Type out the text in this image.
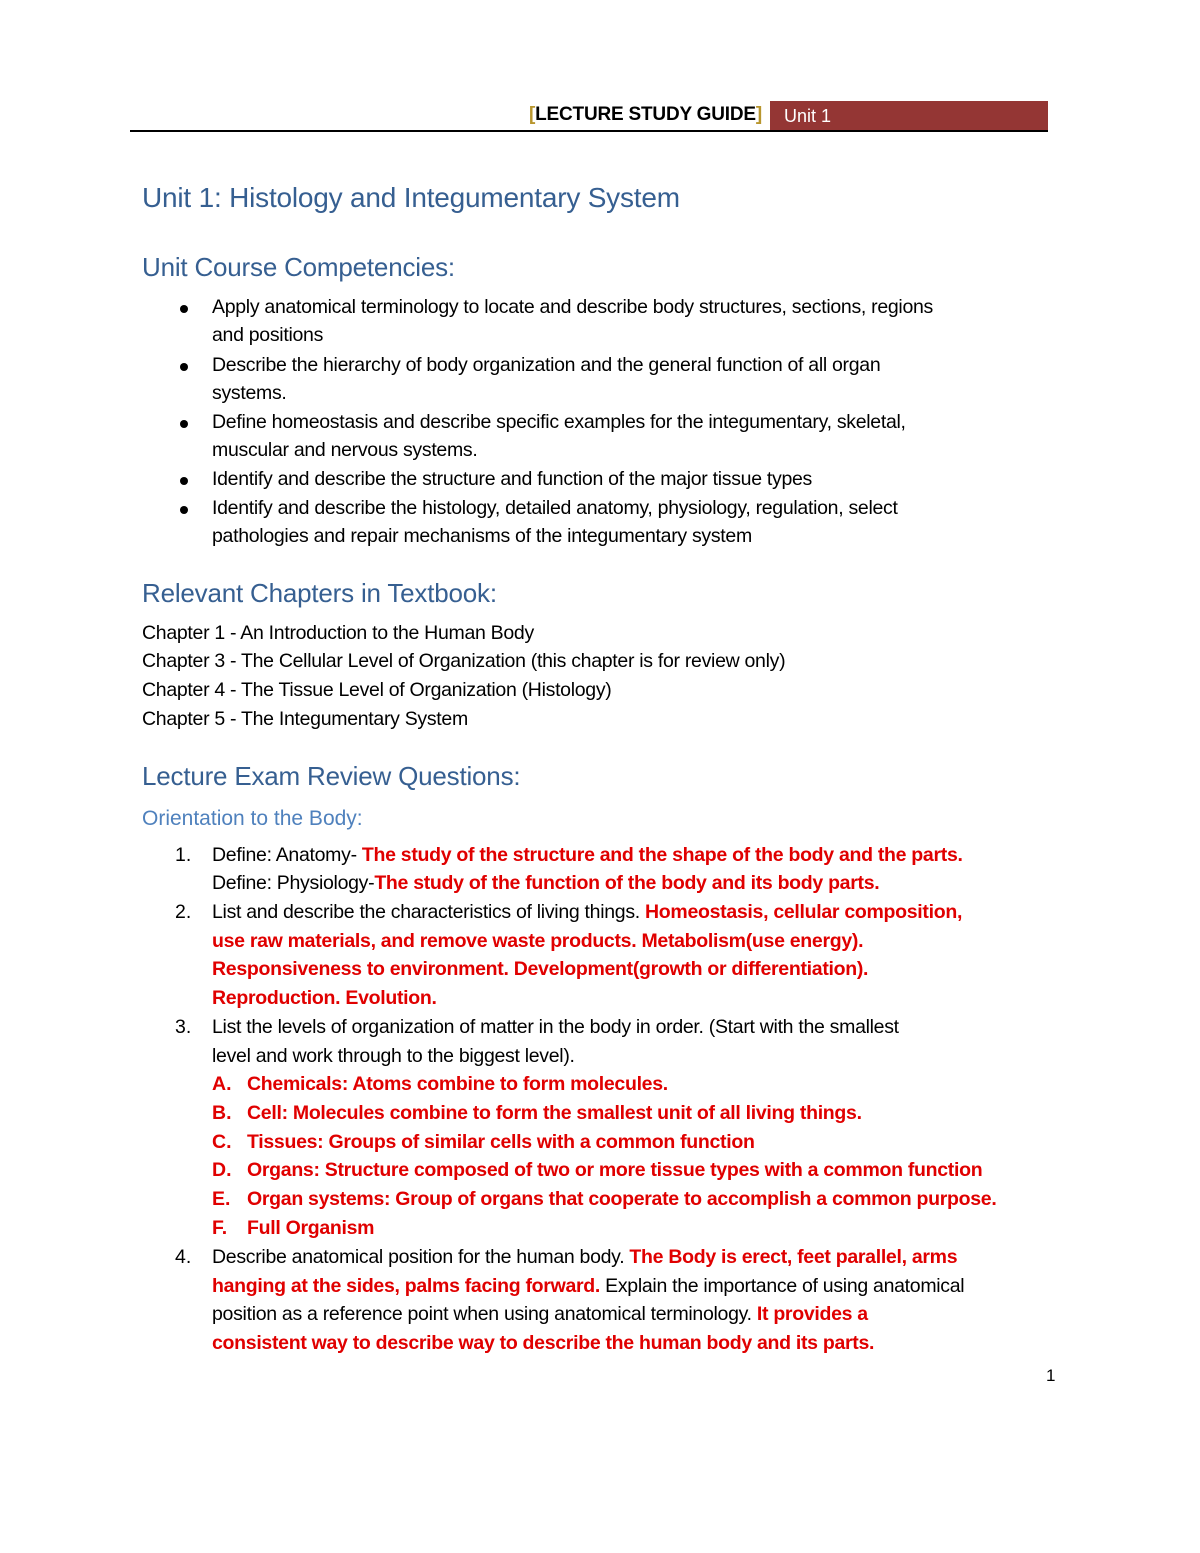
[LECTURE STUDY GUIDE] Unit 1
Unit 1: Histology and Integumentary System
Unit Course Competencies:
Apply anatomical terminology to locate and describe body structures, sections, regions
and positions
Describe the hierarchy of body organization and the general function of all organ
systems.
Define homeostasis and describe specific examples for the integumentary, skeletal,
muscular and nervous systems.
Identify and describe the structure and function of the major tissue types
Identify and describe the histology, detailed anatomy, physiology, regulation, select
pathologies and repair mechanisms of the integumentary system
Relevant Chapters in Textbook:
Chapter 1 - An Introduction to the Human Body
Chapter 3 - The Cellular Level of Organization (this chapter is for review only)
Chapter 4 - The Tissue Level of Organization (Histology)
Chapter 5 - The Integumentary System
Lecture Exam Review Questions:
Orientation to the Body:
1. Define: Anatomy- The study of the structure and the shape of the body and the parts.
Define: Physiology-The study of the function of the body and its body parts.
2. List and describe the characteristics of living things. Homeostasis, cellular composition,
use raw materials, and remove waste products. Metabolism(use energy).
Responsiveness to environment. Development(growth or differentiation).
Reproduction. Evolution.
3. List the levels of organization of matter in the body in order. (Start with the smallest
level and work through to the biggest level).
A. Chemicals: Atoms combine to form molecules.
B. Cell: Molecules combine to form the smallest unit of all living things.
C. Tissues: Groups of similar cells with a common function
D. Organs: Structure composed of two or more tissue types with a common function
E. Organ systems: Group of organs that cooperate to accomplish a common purpose.
F. Full Organism
4. Describe anatomical position for the human body. The Body is erect, feet parallel, arms
hanging at the sides, palms facing forward. Explain the importance of using anatomical
position as a reference point when using anatomical terminology. It provides a
consistent way to describe way to describe the human body and its parts.
1
